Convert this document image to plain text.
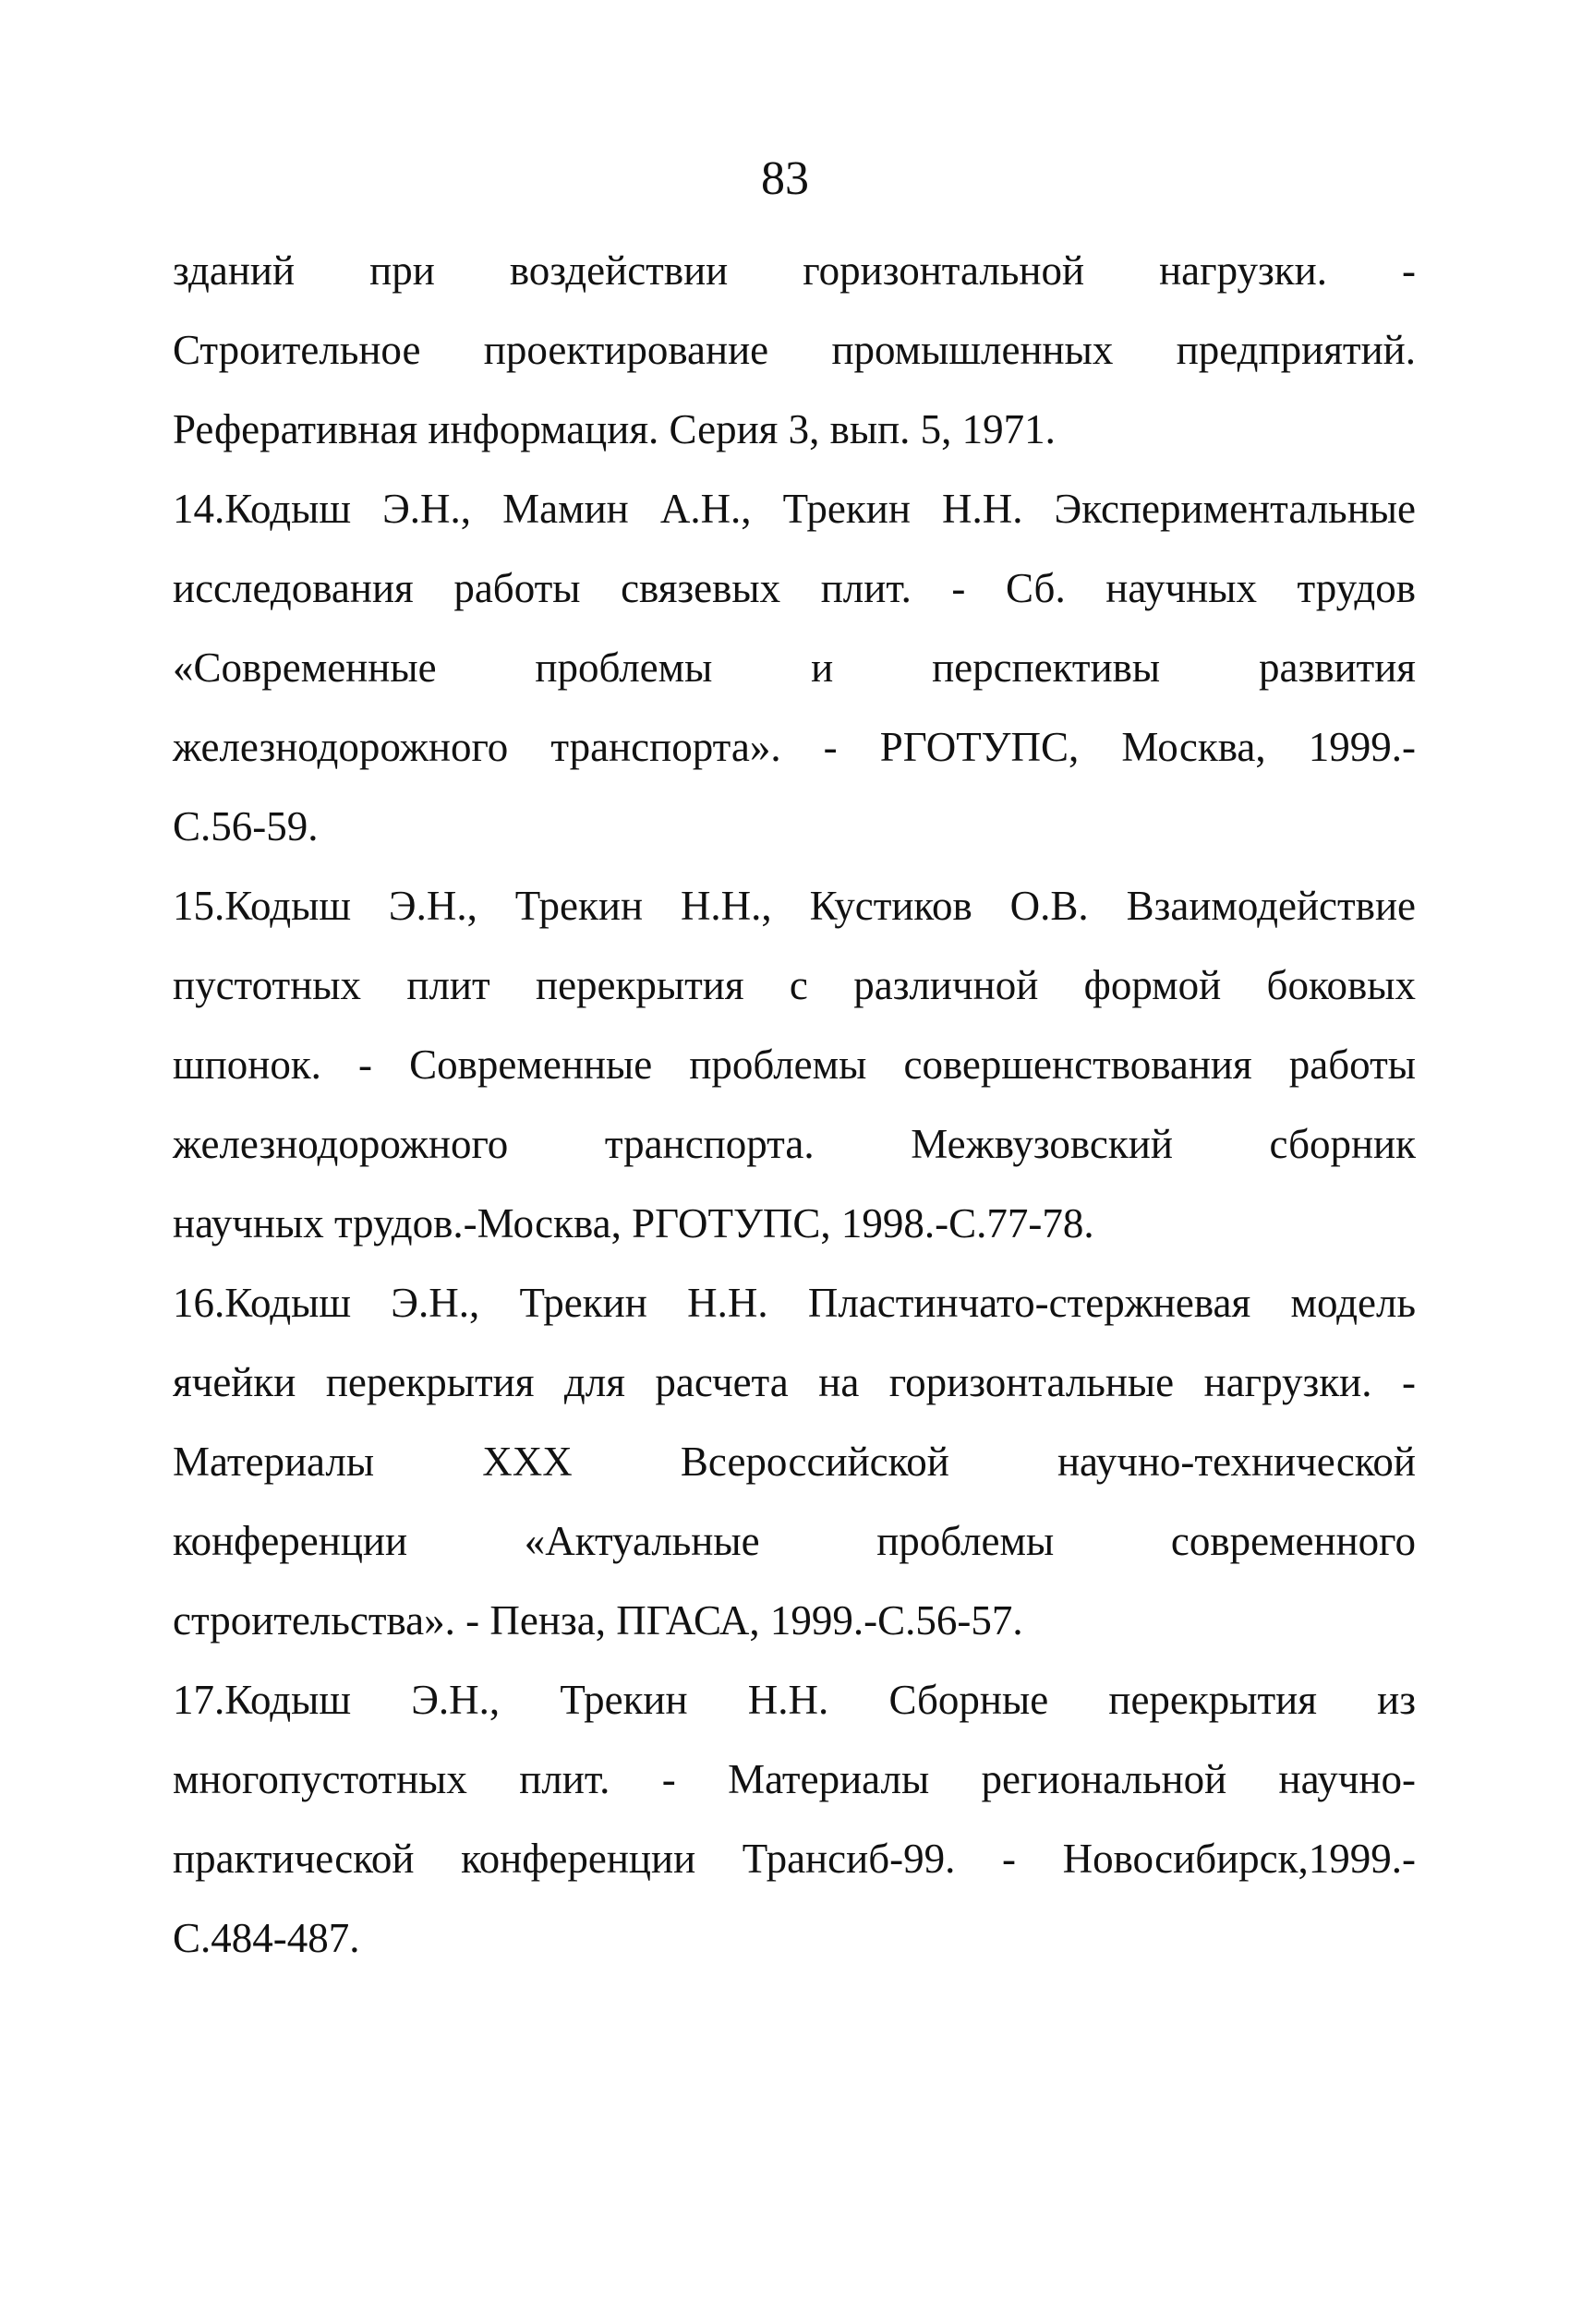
83
зданий при воздействии горизонтальной нагрузки. -
Строительное проектирование промышленных предприятий.
Реферативная информация. Серия 3, вып. 5, 1971.
14.Кодыш Э.Н., Мамин А.Н., Трекин Н.Н. Экспериментальные
исследования работы связевых плит. - Сб. научных трудов
«Современные проблемы и перспективы развития
железнодорожного транспорта». - РГОТУПС, Москва, 1999.-
С.56-59.
15.Кодыш Э.Н., Трекин Н.Н., Кустиков О.В. Взаимодействие
пустотных плит перекрытия с различной формой боковых
шпонок. - Современные проблемы совершенствования работы
железнодорожного транспорта. Межвузовский сборник
научных трудов.-Москва, РГОТУПС, 1998.-С.77-78.
16.Кодыш Э.Н., Трекин Н.Н. Пластинчато-стержневая модель
ячейки перекрытия для расчета на горизонтальные нагрузки. -
Материалы XXX Всероссийской научно-технической
конференции «Актуальные проблемы современного
строительства». - Пенза, ПГАСА, 1999.-С.56-57.
17.Кодыш Э.Н., Трекин Н.Н. Сборные перекрытия из
многопустотных плит. - Материалы региональной научно-
практической конференции Трансиб-99. - Новосибирск,1999.-
С.484-487.
